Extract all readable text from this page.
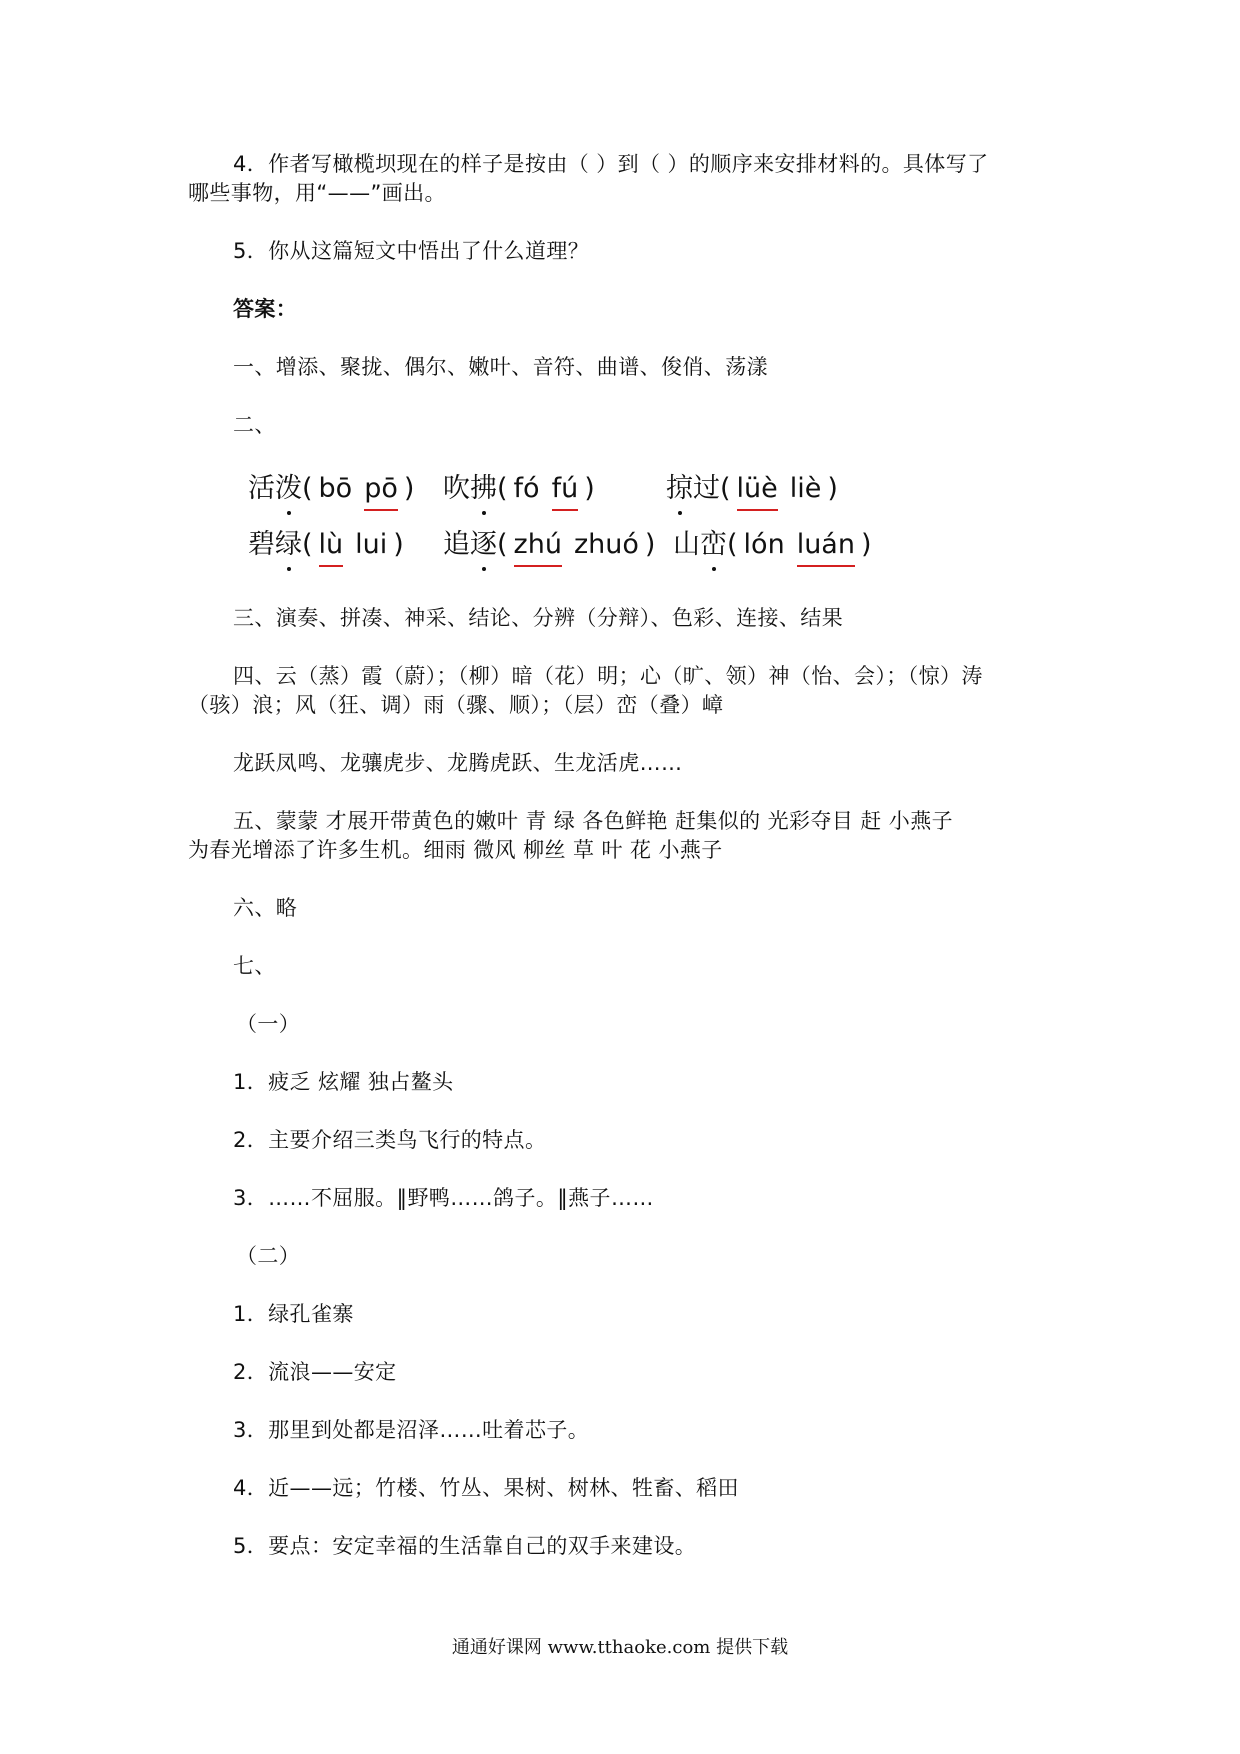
4．作者写橄榄坝现在的样子是按由（ ）到（ ）的顺序来安排材料的。具体写了
哪些事物，用“——”画出。
5．你从这篇短文中悟出了什么道理？
答案：
一、增添、聚拢、偶尔、嫩叶、音符、曲谱、俊俏、荡漾
二、
活泼
( bō pō ) 吹拂
( fó fú )	掠过
( lüè liè )
碧绿
( lù lui ) 追逐
( zhú zhuó ) 山峦
( lón luán )
三、演奏、拼凑、神采、结论、分辨（分辩）、色彩、连接、结果
四、云（蒸）霞（蔚）；（柳）暗（花）明；心（旷、领）神（怡、会）；（惊）涛
（骇）浪；风（狂、调）雨（骤、顺）；（层）峦（叠）嶂
龙跃凤鸣、龙骧虎步、龙腾虎跃、生龙活虎……
五、蒙蒙 才展开带黄色的嫩叶 青 绿 各色鲜艳 赶集似的 光彩夺目 赶 小燕子
为春光增添了许多生机。细雨 微风 柳丝 草 叶 花 小燕子
六、略
七、
（一）
1．疲乏 炫耀 独占鳌头
2．主要介绍三类鸟飞行的特点。
3．……不屈服。‖野鸭……鸽子。‖燕子……
（二）
1．绿孔雀寨
2．流浪——安定
3．那里到处都是沼泽……吐着芯子。
4．近——远；竹楼、竹丛、果树、树林、牲畜、稻田
5．要点：安定幸福的生活靠自己的双手来建设。
通通好课网 www.tthaoke.com 提供下载
